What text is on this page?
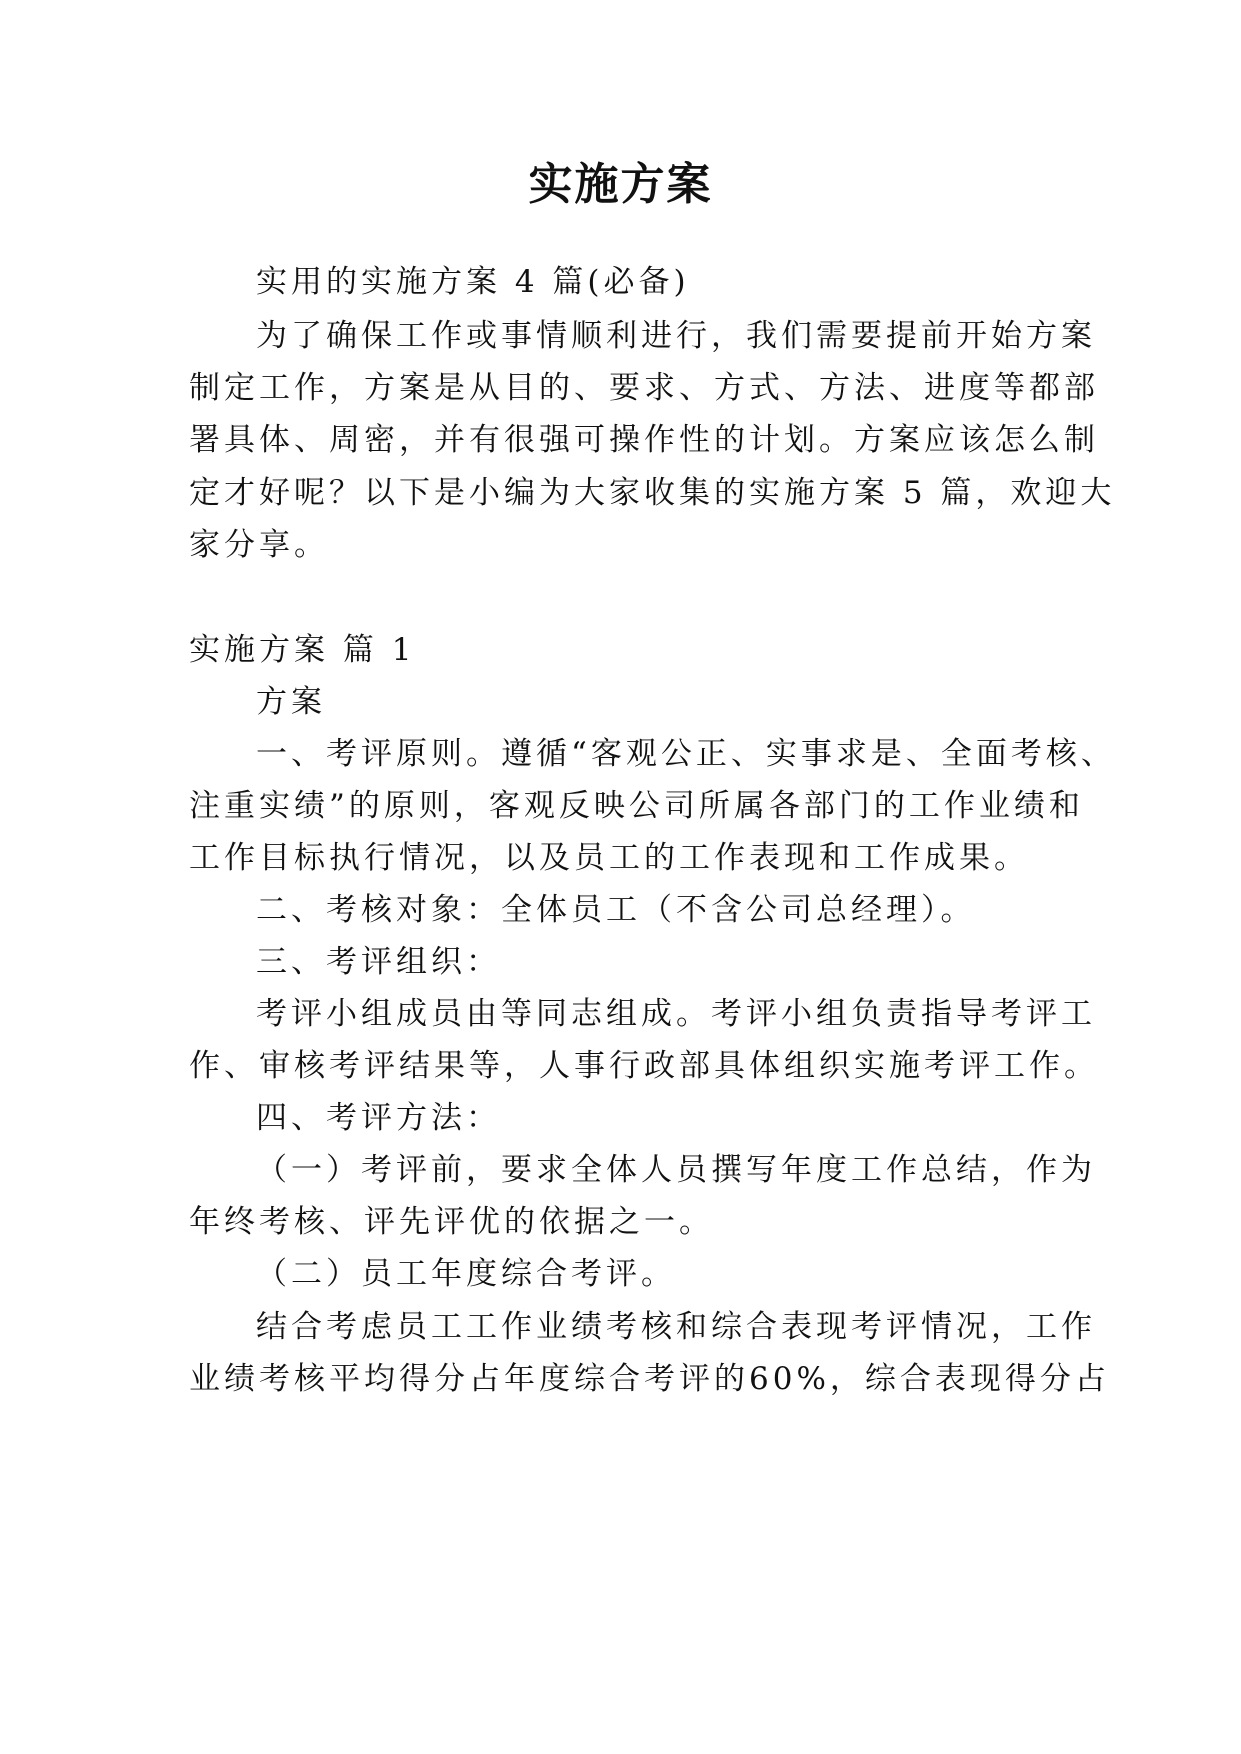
实施方案
实用的实施方案 4 篇(必备)
为了确保工作或事情顺利进行，我们需要提前开始方案
制定工作，方案是从目的、要求、方式、方法、进度等都部
署具体、周密，并有很强可操作性的计划。方案应该怎么制
定才好呢？以下是小编为大家收集的实施方案 5 篇，欢迎大
家分享。
实施方案 篇 1
方案
一、考评原则。遵循“客观公正、实事求是、全面考核、
注重实绩”的原则，客观反映公司所属各部门的工作业绩和
工作目标执行情况，以及员工的工作表现和工作成果。
二、考核对象：全体员工（不含公司总经理）。
三、考评组织：
考评小组成员由等同志组成。考评小组负责指导考评工
作、审核考评结果等，人事行政部具体组织实施考评工作。
四、考评方法：
（一）考评前，要求全体人员撰写年度工作总结，作为
年终考核、评先评优的依据之一。
（二）员工年度综合考评。
结合考虑员工工作业绩考核和综合表现考评情况，工作
业绩考核平均得分占年度综合考评的60%，综合表现得分占
